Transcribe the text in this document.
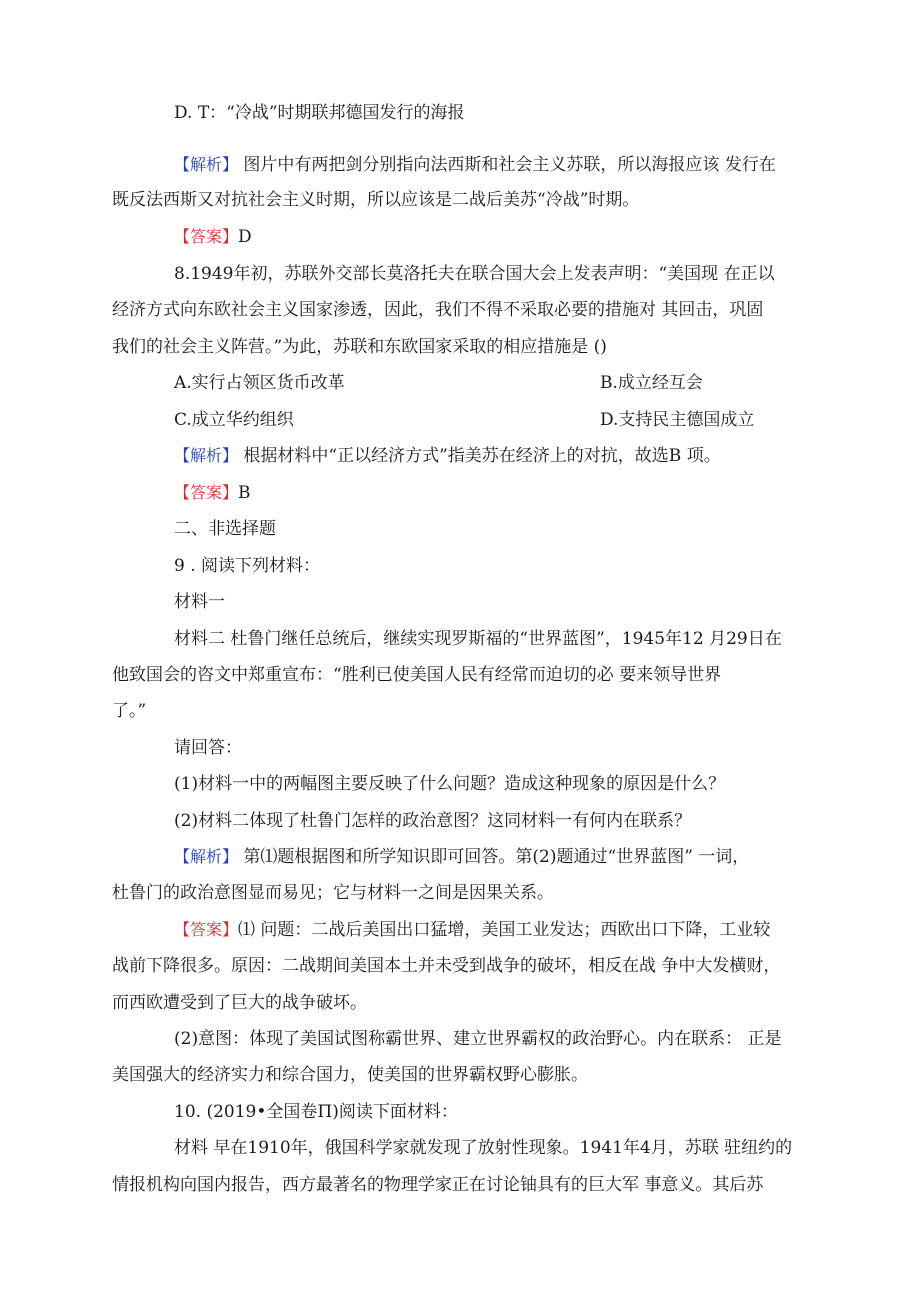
D. T：“冷战”时期联邦德国发行的海报
【解析】 图片中有两把剑分别指向法西斯和社会主义苏联，所以海报应该 发行在
既反法西斯又对抗社会主义时期，所以应该是二战后美苏“冷战”时期。
【答案】D
8.1949年初，苏联外交部长莫洛托夫在联合国大会上发表声明：“美国现 在正以
经济方式向东欧社会主义国家渗透，因此，我们不得不采取必要的措施对 其回击，巩固
我们的社会主义阵营。”为此，苏联和东欧国家采取的相应措施是 ()
A.实行占领区货币改革	B.成立经互会
C.成立华约组织	D.支持民主德国成立
【解析】 根据材料中“正以经济方式”指美苏在经济上的对抗，故选B 项。
【答案】B
二、非选择题
9 . 阅读下列材料：
材料一
材料二 杜鲁门继任总统后，继续实现罗斯福的“世界蓝图”，1945年12 月29日在
他致国会的咨文中郑重宣布：“胜利已使美国人民有经常而迫切的必 要来领导世界
了。”
请回答：
(1)材料一中的两幅图主要反映了什么问题？造成这种现象的原因是什么？
(2)材料二体现了杜鲁门怎样的政治意图？这同材料一有何内在联系？
【解析】 第⑴题根据图和所学知识即可回答。第(2)题通过“世界蓝图” 一词，
杜鲁门的政治意图显而易见；它与材料一之间是因果关系。
【答案】⑴ 问题：二战后美国出口猛增，美国工业发达；西欧出口下降，工业较
战前下降很多。原因：二战期间美国本土并未受到战争的破坏，相反在战 争中大发横财，
而西欧遭受到了巨大的战争破坏。
(2)意图：体现了美国试图称霸世界、建立世界霸权的政治野心。内在联系： 正是
美国强大的经济实力和综合国力，使美国的世界霸权野心膨胀。
10. (2019•全国卷Π)阅读下面材料：
材料 早在1910年，俄国科学家就发现了放射性现象。1941年4月，苏联 驻纽约的
情报机构向国内报告，西方最著名的物理学家正在讨论铀具有的巨大军 事意义。其后苏
